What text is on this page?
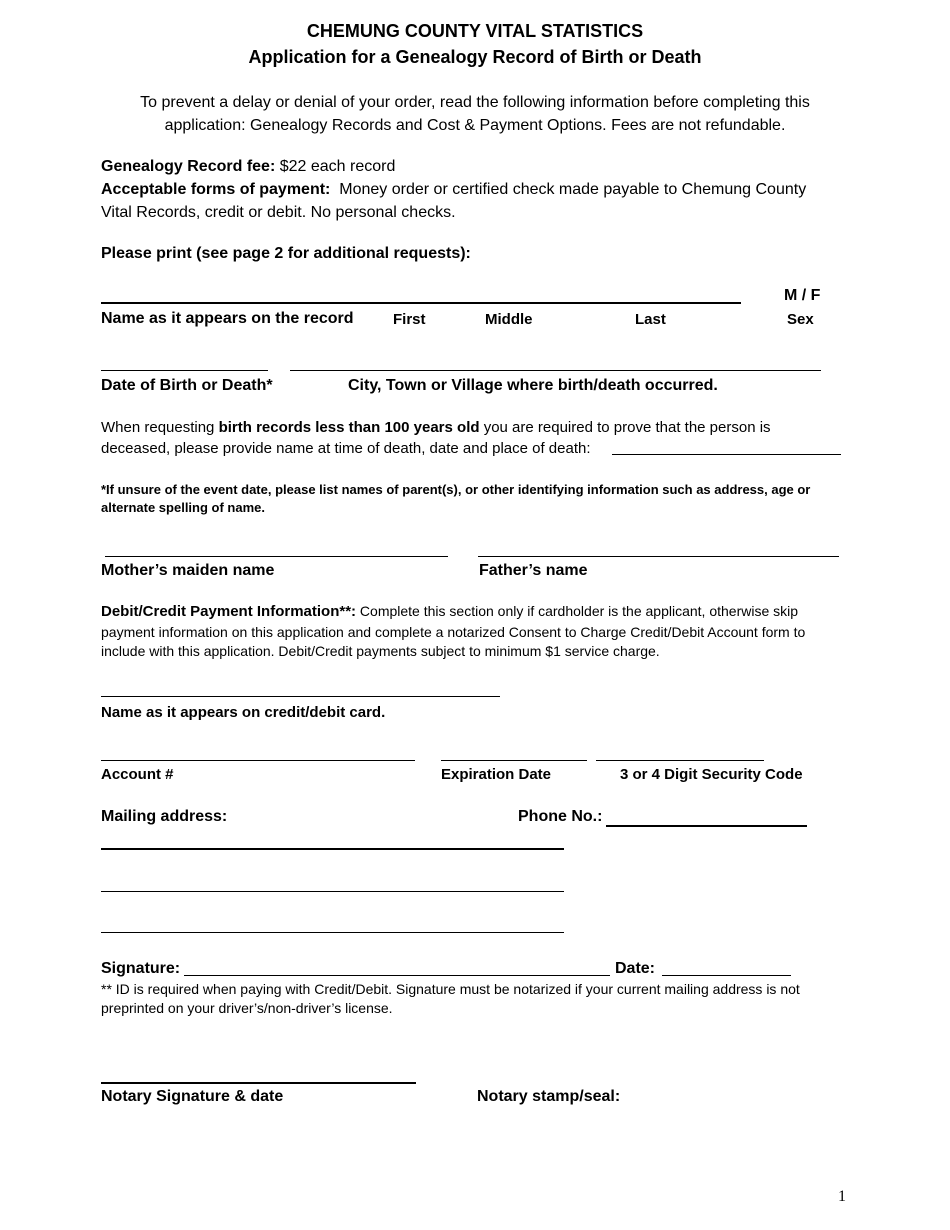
CHEMUNG COUNTY VITAL STATISTICS
Application for a Genealogy Record of Birth or Death
To prevent a delay or denial of your order, read the following information before completing this
application: Genealogy Records and Cost & Payment Options. Fees are not refundable.
Genealogy Record fee: $22 each record
Acceptable forms of payment: Money order or certified check made payable to Chemung County
Vital Records, credit or debit. No personal checks.
Please print (see page 2 for additional requests):
M / F
Name as it appears on the record	First	Middle	Last	Sex
Date of Birth or Death*	City, Town or Village where birth/death occurred.
When requesting birth records less than 100 years old you are required to prove that the person is
deceased, please provide name at time of death, date and place of death:
*If unsure of the event date, please list names of parent(s), or other identifying information such as address, age or
alternate spelling of name.
Mother’s maiden name	Father’s name
Debit/Credit Payment Information**: Complete this section only if cardholder is the applicant, otherwise skip
payment information on this application and complete a notarized Consent to Charge Credit/Debit Account form to
include with this application. Debit/Credit payments subject to minimum $1 service charge.
Name as it appears on credit/debit card.
Account #	Expiration Date	3 or 4 Digit Security Code
Mailing address:	Phone No.:
Signature:	Date:
** ID is required when paying with Credit/Debit. Signature must be notarized if your current mailing address is not
preprinted on your driver’s/non-driver’s license.
Notary Signature & date	Notary stamp/seal:
1
